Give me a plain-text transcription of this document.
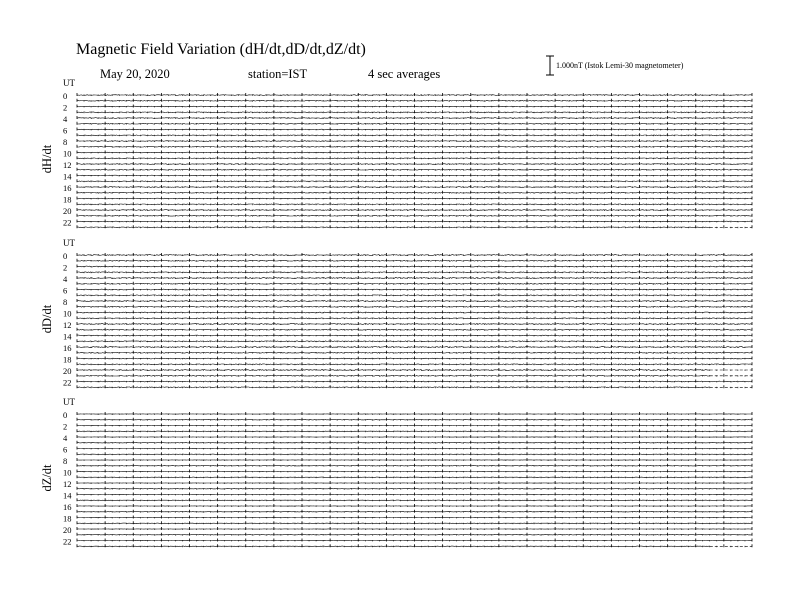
Magnetic Field Variation (dH/dt,dD/dt,dZ/dt)
May 20, 2020	station=IST	4 sec averages
1.000nT (Istok Lemi-30 magnetometer)
UT
dH/dt
0
2
4
6
8
10
12
14
16
18
20
22
UT
dD/dt
0
2
4
6
8
10
12
14
16
18
20
22
UT
dZ/dt
0
2
4
6
8
10
12
14
16
18
20
22
